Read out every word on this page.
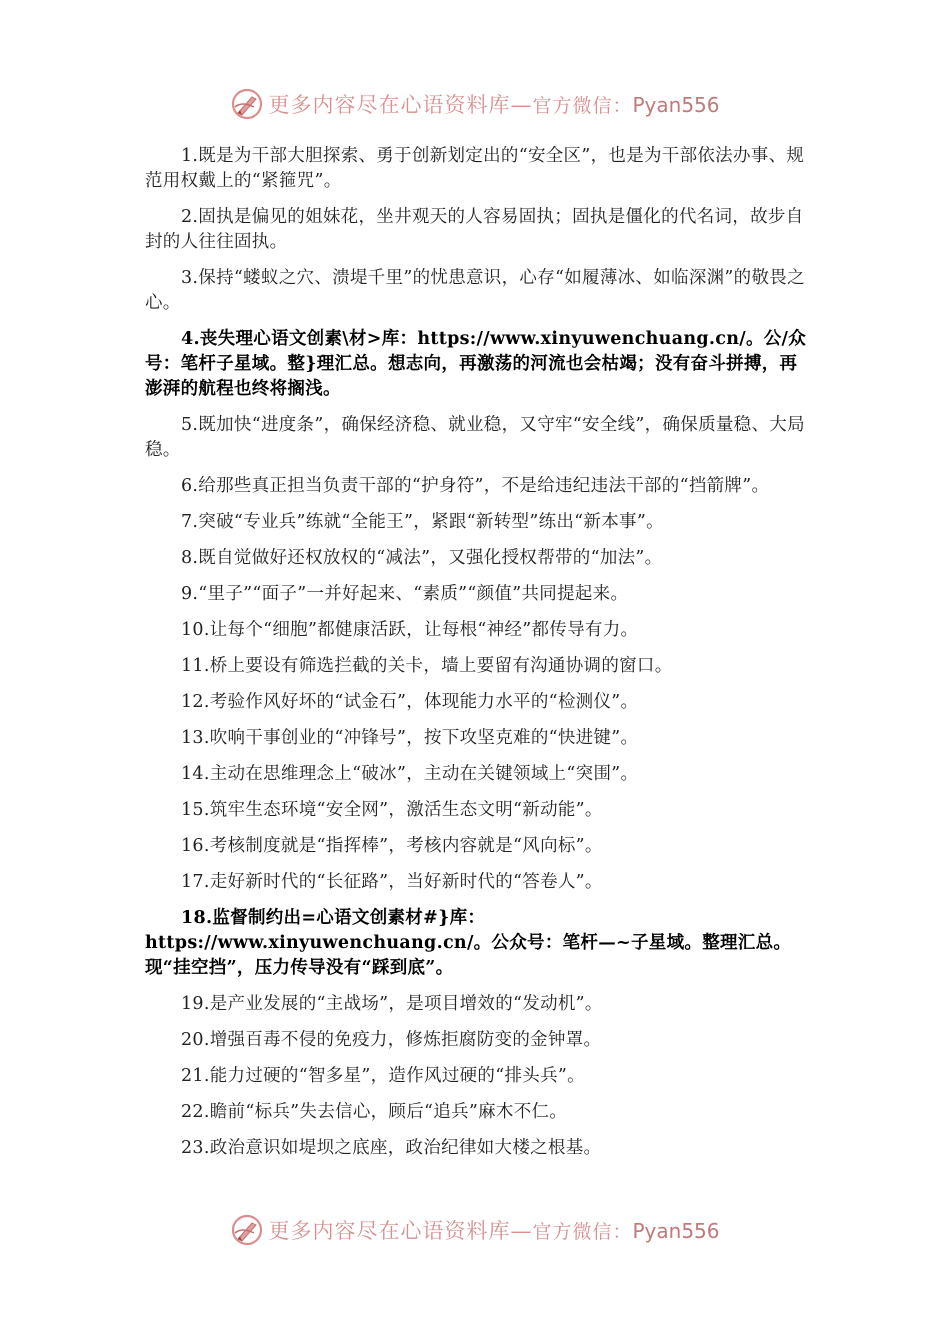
更多内容尽在心语资料库—官方微信：Pyan556

1.既是为干部大胆探索、勇于创新划定出的“安全区”，也是为干部依法办事、规范用权戴上的“紧箍咒”。

2.固执是偏见的姐妹花，坐井观天的人容易固执；固执是僵化的代名词，故步自封的人往往固执。

3.保持“蝼蚁之穴、溃堤千里”的忧患意识，心存“如履薄冰、如临深渊”的敬畏之心。

4.丧失理心语文创素\材>库：https://www.xinyuwenchuang.cn/。公/众号：笔杆子星域。整}理汇总。想志向，再激荡的河流也会枯竭；没有奋斗拼搏，再澎湃的航程也终将搁浅。

5.既加快“进度条”，确保经济稳、就业稳，又守牢“安全线”，确保质量稳、大局稳。

6.给那些真正担当负责干部的“护身符”，不是给违纪违法干部的“挡箭牌”。

7.突破“专业兵”练就“全能王”，紧跟“新转型”练出“新本事”。

8.既自觉做好还权放权的“减法”，又强化授权帮带的“加法”。

9.“里子”“面子”一并好起来、“素质”“颜值”共同提起来。

10.让每个“细胞”都健康活跃，让每根“神经”都传导有力。

11.桥上要设有筛选拦截的关卡，墙上要留有沟通协调的窗口。

12.考验作风好坏的“试金石”，体现能力水平的“检测仪”。

13.吹响干事创业的“冲锋号”，按下攻坚克难的“快进键”。

14.主动在思维理念上“破冰”，主动在关键领域上“突围”。

15.筑牢生态环境“安全网”，激活生态文明“新动能”。

16.考核制度就是“指挥棒”，考核内容就是“风向标”。

17.走好新时代的“长征路”，当好新时代的“答卷人”。

18.监督制约出=心语文创素材#}库：https://www.xinyuwenchuang.cn/。公众号：笔杆—~子星域。整理汇总。现“挂空挡”，压力传导没有“踩到底”。

19.是产业发展的“主战场”，是项目增效的“发动机”。

20.增强百毒不侵的免疫力，修炼拒腐防变的金钟罩。

21.能力过硬的“智多星”，造作风过硬的“排头兵”。

22.瞻前“标兵”失去信心，顾后“追兵”麻木不仁。

23.政治意识如堤坝之底座，政治纪律如大楼之根基。

更多内容尽在心语资料库—官方微信：Pyan556
